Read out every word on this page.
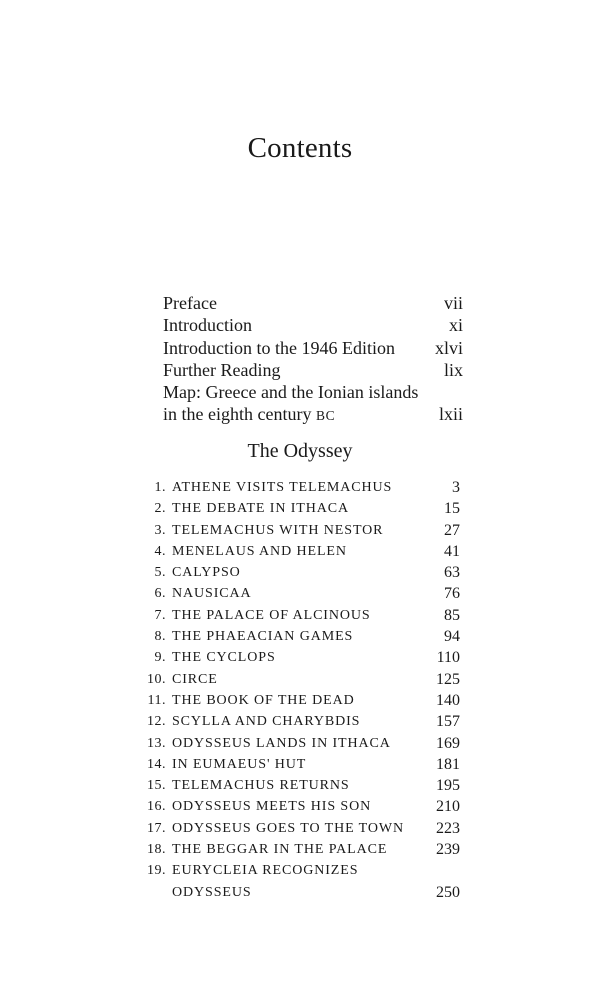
Contents
Preface	vii
Introduction	xi
Introduction to the 1946 Edition xlvi
Further Reading	lix
Map: Greece and the Ionian islands
in the eighth century BC	lxii
The Odyssey
1. ATHENE VISITS TELEMACHUS	3
2. THE DEBATE IN ITHACA	15
3. TELEMACHUS WITH NESTOR	27
4. MENELAUS AND HELEN	41
5. CALYPSO	63
6. NAUSICAA	76
7. THE PALACE OF ALCINOUS	85
8. THE PHAEACIAN GAMES	94
9. THE CYCLOPS	110
10. CIRCE	125
11. THE BOOK OF THE DEAD	140
12. SCYLLA AND CHARYBDIS	157
13. ODYSSEUS LANDS IN ITHACA	169
14. IN EUMAEUS' HUT	181
15. TELEMACHUS RETURNS	195
16. ODYSSEUS MEETS HIS SON	210
17. ODYSSEUS GOES TO THE TOWN	223
18. THE BEGGAR IN THE PALACE	239
19. EURYCLEIA RECOGNIZES
ODYSSEUS	250
